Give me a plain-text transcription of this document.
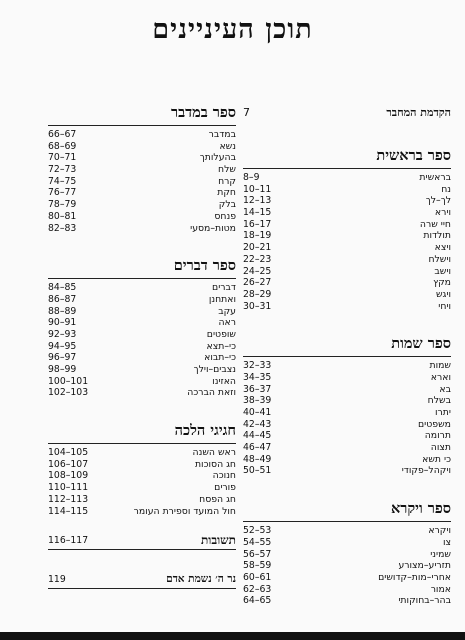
תוכן העיניינים
הקדמת המחבר
7
ספר בראשית
בראשית
8–9
נח
10–11
לך–לך
12–13
וירא
14–15
חיי שרה
16–17
תולדות
18–19
ויצא
20–21
וישלח
22–23
וישב
24–25
מקץ
26–27
ויגש
28–29
ויחי
30–31
ספר שמות
שמות
32–33
וארא
34–35
בא
36–37
בשלח
38–39
יתרו
40–41
משפטים
42–43
תרומה
44–45
תצוה
46–47
כי תשא
48–49
ויקהל–פקודי
50–51
ספר ויקרא
ויקרא
52–53
צו
54–55
שמיני
56–57
תזריע–מצורע
58–59
אחרי–מות–קדושים
60–61
אמור
62–63
בהר–בחוקותי
64–65
ספר במדבר
במדבר
66–67
נשא
68–69
בהעלותך
70–71
שלח
72–73
קרח
74–75
חקת
76–77
בלק
78–79
פנחס
80–81
מטות–מסעי
82–83
ספר דברים
דברים
84–85
ואתחנן
86–87
עקב
88–89
ראה
90–91
שופטים
92–93
כי–תצא
94–95
כי–תבוא
96–97
נצבים–וילך
98–99
האזינו
100–101
וזאת הברכה
102–103
חגיגי הלכה
ראש השנה
104–105
חג הסוכות
106–107
חנוכה
108–109
פורים
110–111
חג הפסח
112–113
חול המועד וספירת העומר
114–115
תשובות
116–117
נר ה׳ נשמת אדם
119
